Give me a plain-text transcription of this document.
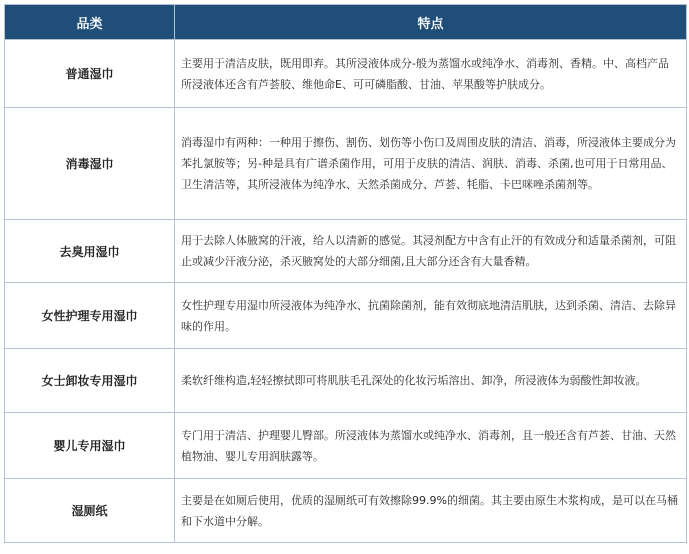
品类	特点
普通湿巾	主要用于清洁皮肤，既用即弃。其所浸液体成分-般为蒸馏水或纯净水、消毒剂、香精。中、高档产品所浸液体还含有芦荟胶、维他命E、可可磷脂酸、甘油、苹果酸等护肤成分。
消毒湿巾	消毒湿巾有两种：一种用于擦伤、割伤、划伤等小伤口及周围皮肤的清洁、消毒，所浸液体主要成分为苯扎氯胺等；另-种是具有广谱杀菌作用，可用于皮肤的清洁、润肤、消毒、杀菌,也可用于日常用品、卫生清洁等，其所浸液体为纯净水、天然杀菌成分、芦荟、牦脂、卡巴咪唑杀菌剂等。
去臭用湿巾	用于去除人体腋窝的汗液，给人以清新的感觉。其浸剂配方中含有止汗的有效成分和适量杀菌剂，可阻止或减少汗液分泌，杀灭腋窝处的大部分细菌,且大部分还含有大量香精。
女性护理专用湿巾	女性护理专用湿巾所浸液体为纯净水、抗菌除菌剂，能有效彻底地清洁肌肤，达到杀菌、清洁、去除异味的作用。
女士卸妆专用湿巾	柔软纤维构造,轻轻擦拭即可将肌肤毛孔深处的化妆污垢溶出、卸净，所浸液体为弱酸性卸妆液。
婴儿专用湿巾	专门用于清洁、护理婴儿臀部。所浸液体为蒸馏水或纯净水、消毒剂，且一般还含有芦荟、甘油、天然植物油、婴儿专用润肤露等。
湿厕纸	主要是在如厕后使用，优质的湿厕纸可有效擦除99.9%的细菌。其主要由原生木浆构成，是可以在马桶和下水道中分解。
